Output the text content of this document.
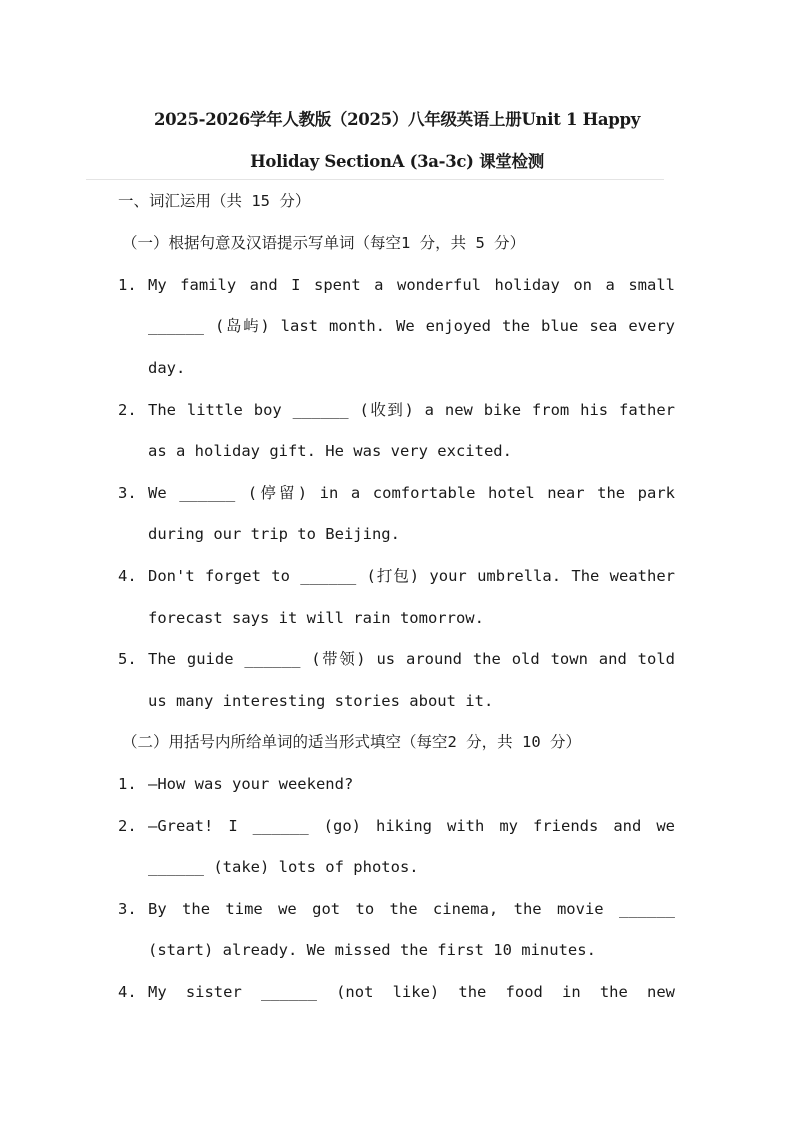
2025-2026学年人教版（2025）八年级英语上册Unit 1 Happy
Holiday SectionA (3a-3c) 课堂检测
一、词汇运用（共 15 分）
（一）根据句意及汉语提示写单词（每空1 分，共 5 分）
1. My family and I spent a wonderful holiday on a small
______ (岛屿) last month. We enjoyed the blue sea every
day.
2. The little boy ______ (收到) a new bike from his father
as a holiday gift. He was very excited.
3. We ______ (停留) in a comfortable hotel near the park
during our trip to Beijing.
4. Don't forget to ______ (打包) your umbrella. The weather
forecast says it will rain tomorrow.
5. The guide ______ (带领) us around the old town and told
us many interesting stories about it.
（二）用括号内所给单词的适当形式填空（每空2 分，共 10 分）
1. —How was your weekend?
2. —Great! I ______ (go) hiking with my friends and we
______ (take) lots of photos.
3. By the time we got to the cinema, the movie ______
(start) already. We missed the first 10 minutes.
4. My sister ______ (not like) the food in the new
